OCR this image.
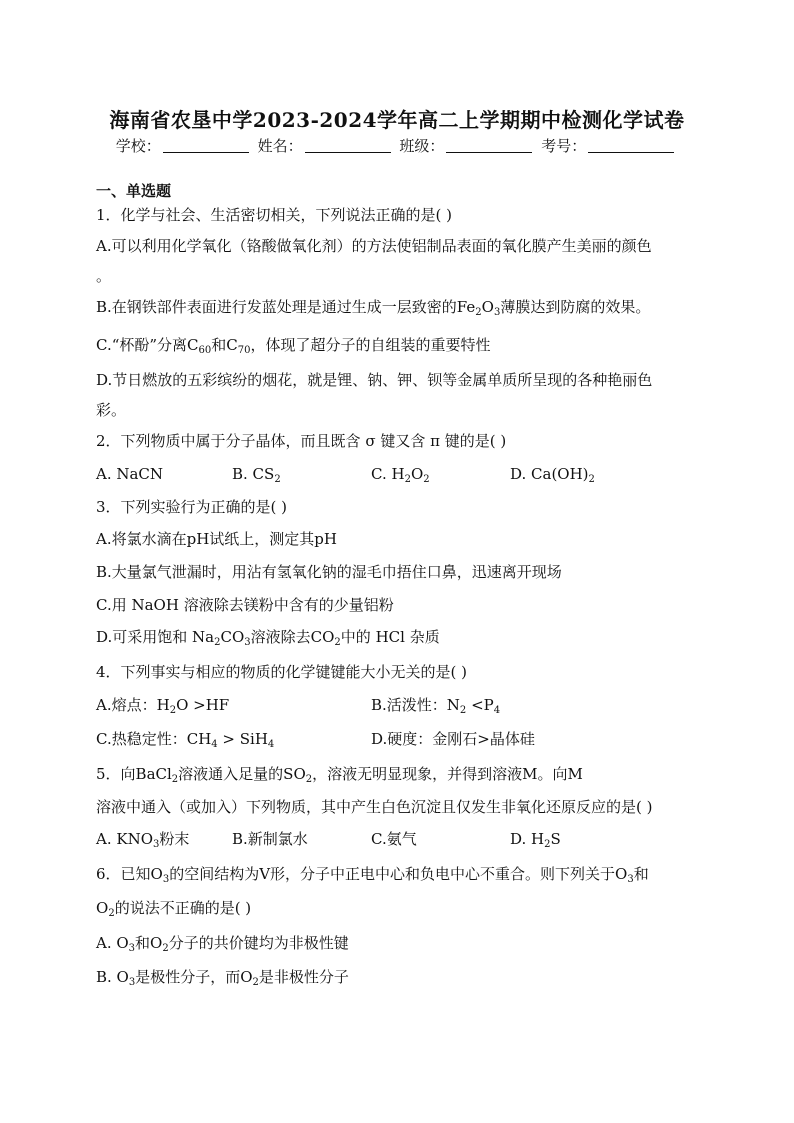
海南省农垦中学2023-2024学年高二上学期期中检测化学试卷
学校：	姓名：	班级：	考号：
一、单选题
1．化学与社会、生活密切相关，下列说法正确的是( )
A.可以利用化学氧化（铬酸做氧化剂）的方法使铝制品表面的氧化膜产生美丽的颜色
。
B.在钢铁部件表面进行发蓝处理是通过生成一层致密的$Fe_2O_3$薄膜达到防腐的效果。
C.“杯酚”分离$C_{60}$和$C_{70}$，体现了超分子的自组装的重要特性
D.节日燃放的五彩缤纷的烟花，就是锂、钠、钾、钡等金属单质所呈现的各种艳丽色
彩。
2．下列物质中属于分子晶体，而且既含 σ 键又含 π 键的是( )
A. NaCN	B. $CS_2$	C. $H_2O_2$	D. $Ca(OH)_2$
3．下列实验行为正确的是( )
A.将氯水滴在pH试纸上，测定其pH
B.大量氯气泄漏时，用沾有氢氧化钠的湿毛巾捂住口鼻，迅速离开现场
C.用 NaOH 溶液除去镁粉中含有的少量铝粉
D.可采用饱和 $Na_2CO_3$溶液除去$CO_2$中的 HCl 杂质
4．下列事实与相应的物质的化学键键能大小无关的是( )
A.熔点：$H_2O >HF$	B.活泼性：$N_2 <P_4$
C.热稳定性：$CH_4 > SiH_4$	D.硬度：金刚石>晶体硅
5．向BaCl$_2$溶液通入足量的$SO_2$，溶液无明显现象，并得到溶液M。向M
溶液中通入（或加入）下列物质，其中产生白色沉淀且仅发生非氧化还原反应的是( )
A. $KNO_3$粉末	B.新制氯水	C.氨气	D. $H_2S$
6．已知$O_3$的空间结构为V形，分子中正电中心和负电中心不重合。则下列关于$O_3$和
$O_2$的说法不正确的是( )
A. $O_3$和$O_2$分子的共价键均为非极性键
B. $O_3$是极性分子，而$O_2$是非极性分子
